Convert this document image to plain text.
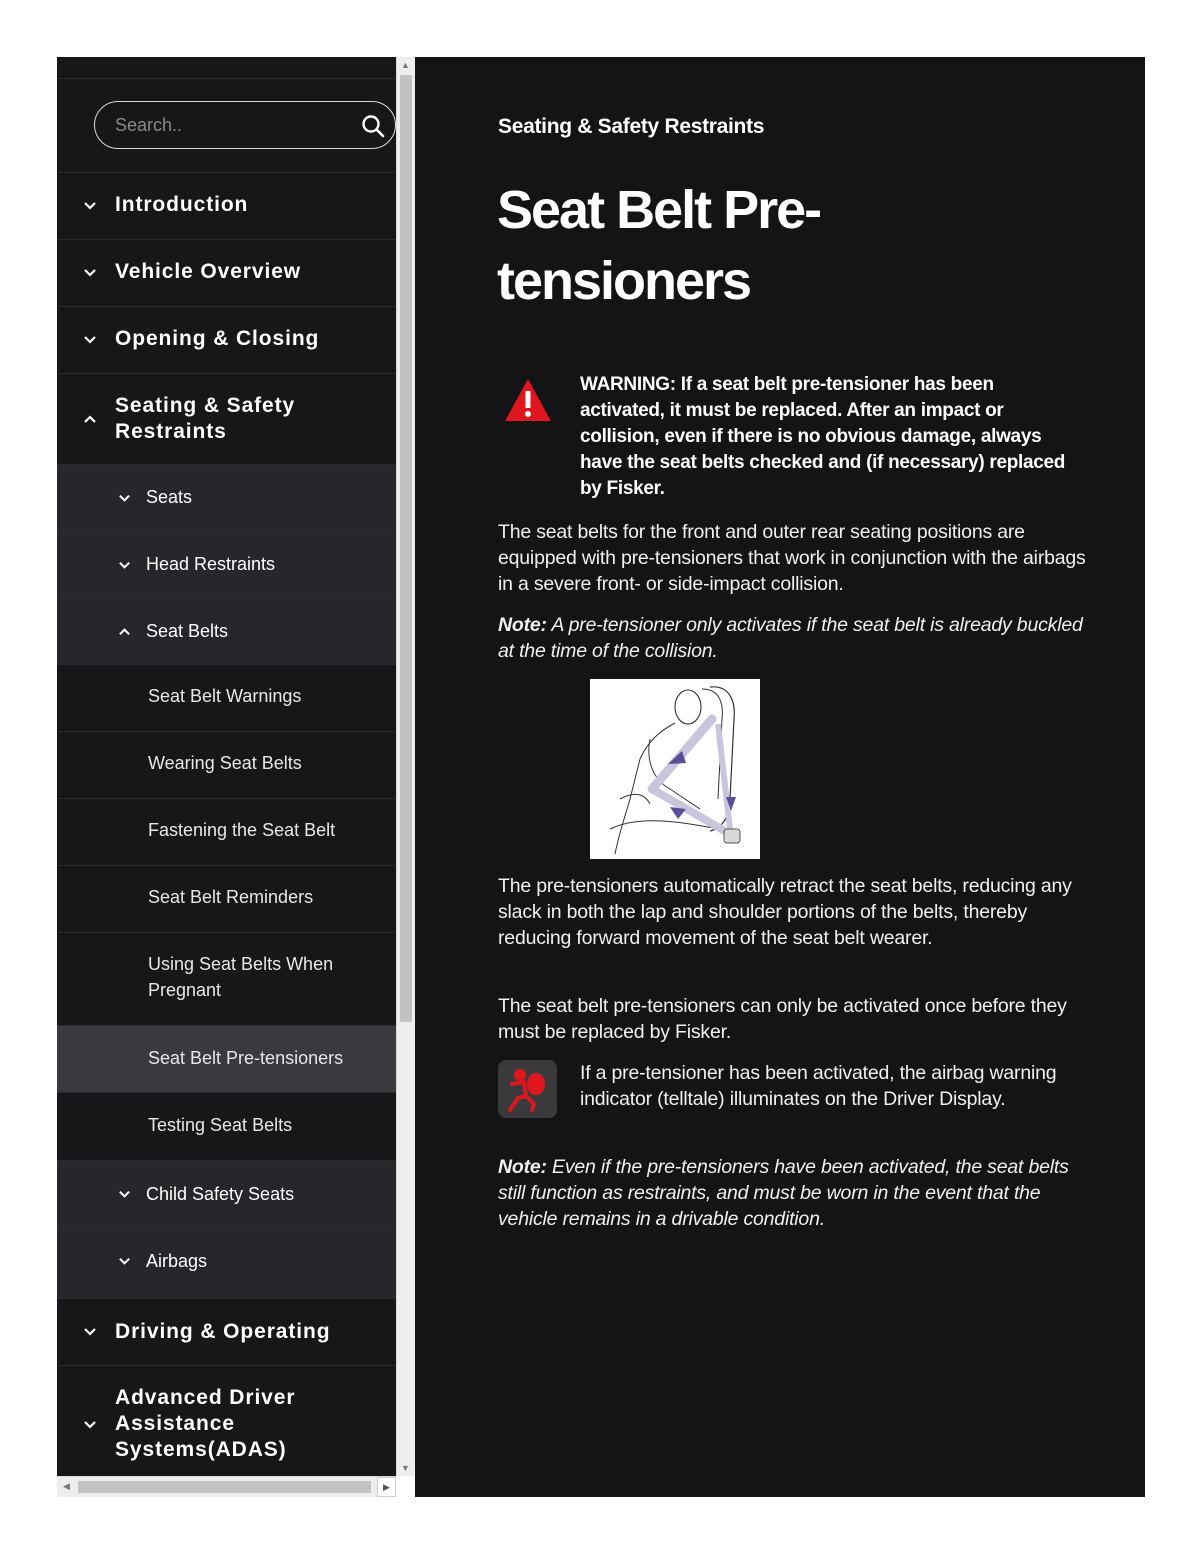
Search..
Introduction
Vehicle Overview
Opening & Closing
Seating & Safety Restraints
Seats
Head Restraints
Seat Belts
Seat Belt Warnings
Wearing Seat Belts
Fastening the Seat Belt
Seat Belt Reminders
Using Seat Belts When Pregnant
Seat Belt Pre-tensioners
Testing Seat Belts
Child Safety Seats
Airbags
Driving & Operating
Advanced Driver Assistance Systems(ADAS)
▲
▼
◀	▶
Seating & Safety Restraints
Seat Belt Pre-tensioners
WARNING: If a seat belt pre-tensioner has been activated, it must be replaced. After an impact or collision, even if there is no obvious damage, always have the seat belts checked and (if necessary) replaced by Fisker.
The seat belts for the front and outer rear seating positions are equipped with pre-tensioners that work in conjunction with the airbags in a severe front- or side-impact collision.
Note: A pre-tensioner only activates if the seat belt is already buckled at the time of the collision.
The pre-tensioners automatically retract the seat belts, reducing any slack in both the lap and shoulder portions of the belts, thereby reducing forward movement of the seat belt wearer.
The seat belt pre-tensioners can only be activated once before they must be replaced by Fisker.
If a pre-tensioner has been activated, the airbag warning indicator (telltale) illuminates on the Driver Display.
Note: Even if the pre-tensioners have been activated, the seat belts still function as restraints, and must be worn in the event that the vehicle remains in a drivable condition.
